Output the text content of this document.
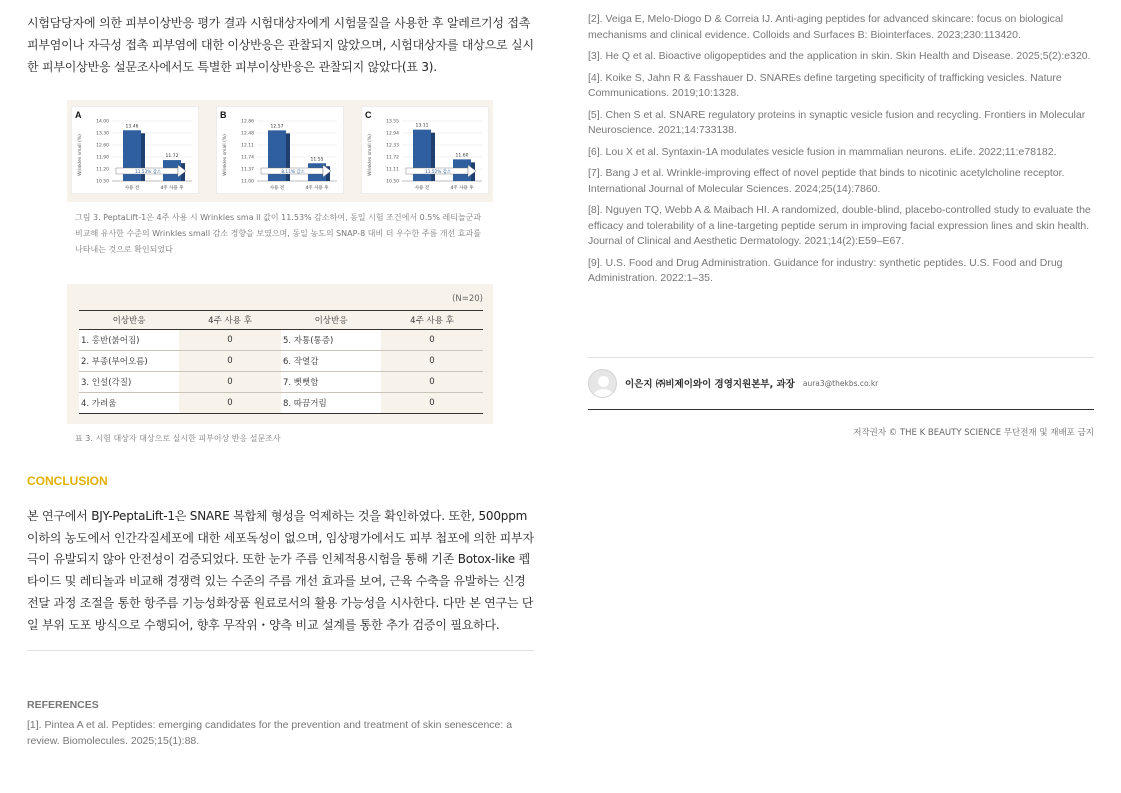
시험담당자에 의한 피부이상반응 평가 결과 시험대상자에게 시험물질을 사용한 후 알레르기성 접촉 피부염이나 자극성 접촉 피부염에 대한 이상반응은 관찰되지 않았으며, 시험대상자를 대상으로 실시한 피부이상반응 설문조사에서도 특별한 피부이상반응은 관찰되지 않았다(표 3).

A
Wrinkles small (%)
14.00
13.30
12.60
11.90
11.20
10.50
13.46
사용 전
11.72
4주 사용 후
11.53% 감소
B
Wrinkles small (%)
12.86
12.48
12.11
11.74
11.37
11.00
12.57
사용 전
11.55
4주 사용 후
8.11% 감소
C
Wrinkles small (%)
13.55
12.94
12.33
11.72
11.11
10.50
13.11
사용 전
11.60
4주 사용 후
11.52% 감소

그림 3. PeptaLift-1은 4주 사용 시 Wrinkles sma ll 값이 11.53% 감소하여, 동일 시험 조건에서 0.5% 레티놀군과 비교해 유사한 수준의 Wrinkles small 감소 경향을 보였으며, 동일 농도의 SNAP-8 대비 더 우수한 주름 개선 효과를 나타내는 것으로 확인되었다

(N=20)
이상반응	4주 사용 후	이상반응	4주 사용 후
1. 홍반(붉어짐)	0	5. 자통(통증)	0
2. 부종(부어오름)	0	6. 작열감	0
3. 인설(각질)	0	7. 뻣뻣함	0
4. 가려움	0	8. 따끔거림	0

표 3. 시험 대상자 대상으로 실시한 피부이상 반응 설문조사

CONCLUSION

본 연구에서 BJY-PeptaLift-1은 SNARE 복합체 형성을 억제하는 것을 확인하였다. 또한, 500ppm 이하의 농도에서 인간각질세포에 대한 세포독성이 없으며, 임상평가에서도 피부 첩포에 의한 피부자극이 유발되지 않아 안전성이 검증되었다. 또한 눈가 주름 인체적용시험을 통해 기존 Botox-like 펩타이드 및 레티놀과 비교해 경쟁력 있는 수준의 주름 개선 효과를 보여, 근육 수축을 유발하는 신경전달 과정 조절을 통한 항주름 기능성화장품 원료로서의 활용 가능성을 시사한다. 다만 본 연구는 단일 부위 도포 방식으로 수행되어, 향후 무작위・양측 비교 설계를 통한 추가 검증이 필요하다.

REFERENCES

[1]. Pintea A et al. Peptides: emerging candidates for the prevention and treatment of skin senescence: a review. Biomolecules. 2025;15(1):88.

[2]. Veiga E, Melo-Diogo D & Correia IJ. Anti-aging peptides for advanced skincare: focus on biological mechanisms and clinical evidence. Colloids and Surfaces B: Biointerfaces. 2023;230:113420.

[3]. He Q et al. Bioactive oligopeptides and the application in skin. Skin Health and Disease. 2025;5(2):e320.

[4]. Koike S, Jahn R & Fasshauer D. SNAREs define targeting specificity of trafficking vesicles. Nature Communications. 2019;10:1328.

[5]. Chen S et al. SNARE regulatory proteins in synaptic vesicle fusion and recycling. Frontiers in Molecular Neuroscience. 2021;14:733138.

[6]. Lou X et al. Syntaxin-1A modulates vesicle fusion in mammalian neurons. eLife. 2022;11:e78182.

[7]. Bang J et al. Wrinkle-improving effect of novel peptide that binds to nicotinic acetylcholine receptor. International Journal of Molecular Sciences. 2024;25(14):7860.

[8]. Nguyen TQ, Webb A & Maibach HI. A randomized, double-blind, placebo-controlled study to evaluate the efficacy and tolerability of a line-targeting peptide serum in improving facial expression lines and skin health. Journal of Clinical and Aesthetic Dermatology. 2021;14(2):E59–E67.

[9]. U.S. Food and Drug Administration. Guidance for industry: synthetic peptides. U.S. Food and Drug Administration. 2022:1–35.

이은지 ㈜비제이와이 경영지원본부, 과장 aura3@thekbs.co.kr
저작권자 © THE K BEAUTY SCIENCE 무단전재 및 재배포 금지
